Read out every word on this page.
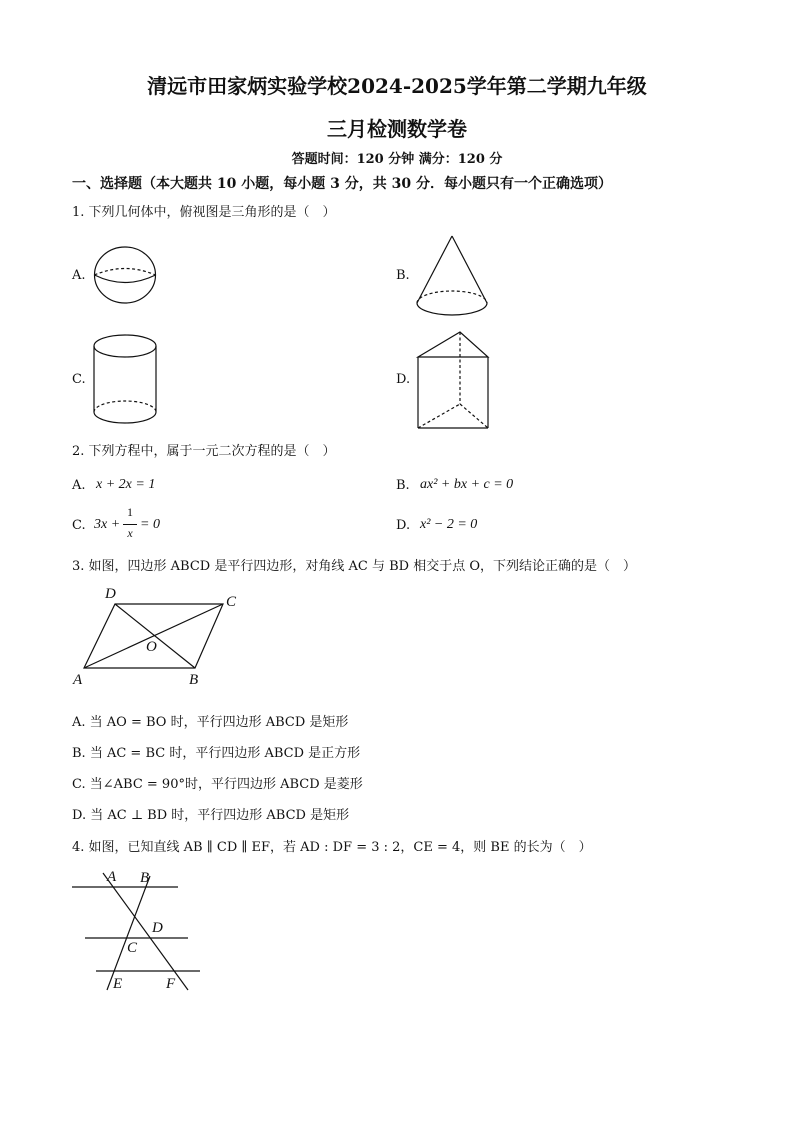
清远市田家炳实验学校2024-2025学年第二学期九年级
三月检测数学卷
答题时间：120 分钟 满分：120 分
一、选择题（本大题共 10 小题，每小题 3 分，共 30 分．每小题只有一个正确选项）
1. 下列几何体中，俯视图是三角形的是（　）
A.	B.
C.	D.
2. 下列方程中，属于一元二次方程的是（　）
A. x + 2x = 1	B. ax² + bx + c = 0
C. 3x +
1
x
= 0	D. x² − 2 = 0
3. 如图，四边形 ABCD 是平行四边形，对角线 AC 与 BD 相交于点 O，下列结论正确的是（　）
D	C
O
A	B
A. 当 AO = BO 时，平行四边形 ABCD 是矩形
B. 当 AC = BC 时，平行四边形 ABCD 是正方形
C. 当∠ABC = 90°时，平行四边形 ABCD 是菱形
D. 当 AC ⊥ BD 时，平行四边形 ABCD 是矩形
4. 如图，已知直线 AB ∥ CD ∥ EF，若 AD : DF = 3 : 2，CE = 4，则 BE 的长为（　）
A B
D
C
E	F
